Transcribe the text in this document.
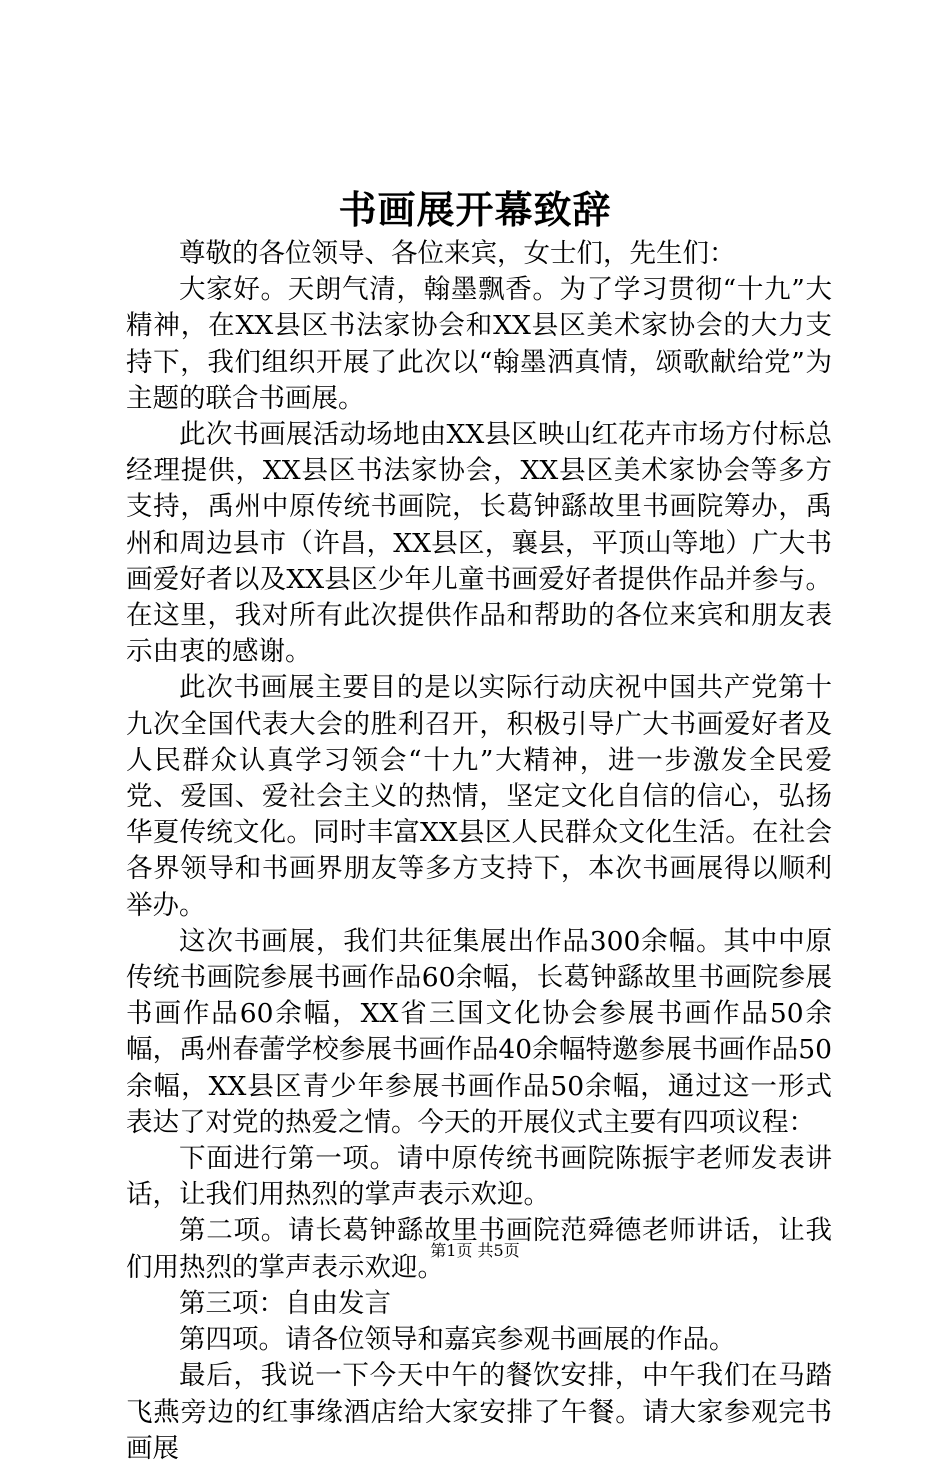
书画展开幕致辞

尊敬的各位领导、各位来宾，女士们，先生们：

大家好。天朗气清，翰墨飘香。为了学习贯彻“十九”大精神，在XX县区书法家协会和XX县区美术家协会的大力支持下，我们组织开展了此次以“翰墨洒真情，颂歌献给党”为主题的联合书画展。

此次书画展活动场地由XX县区映山红花卉市场方付标总经理提供，XX县区书法家协会，XX县区美术家协会等多方支持，禹州中原传统书画院，长葛钟繇故里书画院筹办，禹州和周边县市（许昌，XX县区，襄县，平顶山等地）广大书画爱好者以及XX县区少年儿童书画爱好者提供作品并参与。在这里，我对所有此次提供作品和帮助的各位来宾和朋友表示由衷的感谢。

此次书画展主要目的是以实际行动庆祝中国共产党第十九次全国代表大会的胜利召开，积极引导广大书画爱好者及人民群众认真学习领会“十九”大精神，进一步激发全民爱党、爱国、爱社会主义的热情，坚定文化自信的信心，弘扬华夏传统文化。同时丰富XX县区人民群众文化生活。在社会各界领导和书画界朋友等多方支持下，本次书画展得以顺利举办。

这次书画展，我们共征集展出作品300余幅。其中中原传统书画院参展书画作品60余幅，长葛钟繇故里书画院参展书画作品60余幅，XX省三国文化协会参展书画作品50余幅，禹州春蕾学校参展书画作品40余幅特邀参展书画作品50余幅，XX县区青少年参展书画作品50余幅，通过这一形式表达了对党的热爱之情。今天的开展仪式主要有四项议程：

下面进行第一项。请中原传统书画院陈振宇老师发表讲话，让我们用热烈的掌声表示欢迎。

第二项。请长葛钟繇故里书画院范舜德老师讲话，让我们用热烈的掌声表示欢迎。

第三项：自由发言

第四项。请各位领导和嘉宾参观书画展的作品。

最后，我说一下今天中午的餐饮安排，中午我们在马踏飞燕旁边的红事缘酒店给大家安排了午餐。请大家参观完书画展

第1页 共5页
